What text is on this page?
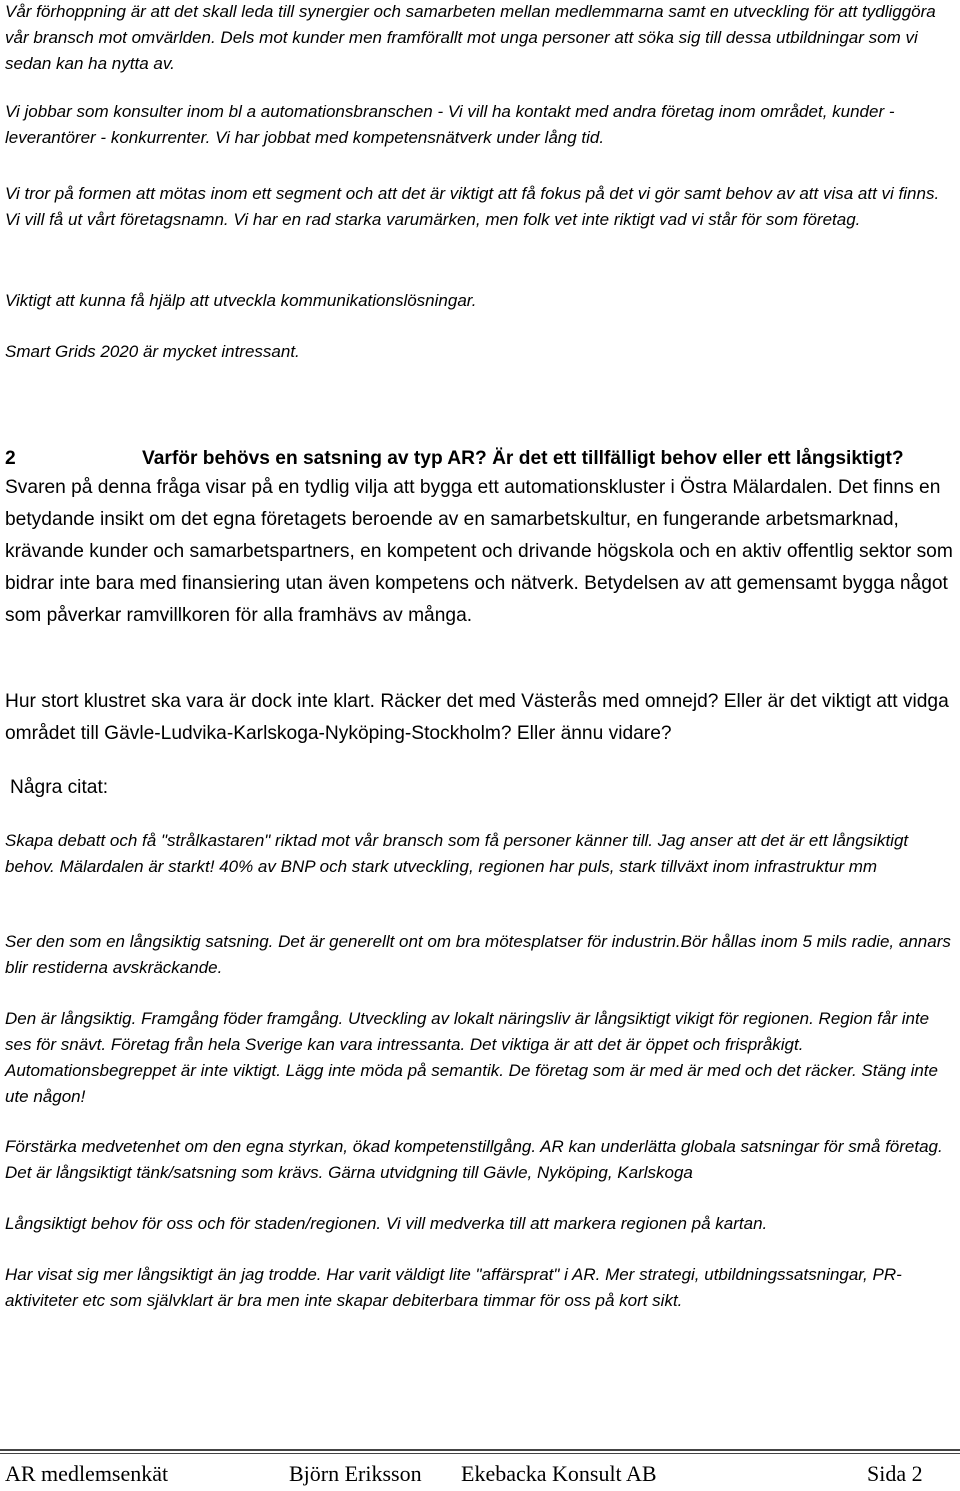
Vår förhoppning är att det skall leda till synergier och samarbeten mellan medlemmarna samt en utveckling för att tydliggöra vår bransch mot omvärlden. Dels mot kunder men framförallt mot unga personer att söka sig till dessa utbildningar som vi sedan kan ha nytta av.

Vi jobbar som konsulter inom bl a automationsbranschen - Vi vill ha kontakt med andra företag inom området, kunder - leverantörer - konkurrenter. Vi har jobbat med kompetensnätverk under lång tid.

Vi tror på formen att mötas inom ett segment och att det är viktigt att få fokus på det vi gör samt behov av att visa att vi finns. Vi vill få ut vårt företagsnamn. Vi har en rad starka varumärken, men folk vet inte riktigt vad vi står för som företag.

Viktigt att kunna få hjälp att utveckla kommunikationslösningar.

Smart Grids 2020 är mycket intressant.

2	Varför behövs en satsning av typ AR? Är det ett tillfälligt behov eller ett långsiktigt?

Svaren på denna fråga visar på en tydlig vilja att bygga ett automationskluster i Östra Mälardalen. Det finns en betydande insikt om det egna företagets beroende av en samarbetskultur, en fungerande arbetsmarknad, krävande kunder och samarbetspartners, en kompetent och drivande högskola och en aktiv offentlig sektor som bidrar inte bara med finansiering utan även kompetens och nätverk. Betydelsen av att gemensamt bygga något som påverkar ramvillkoren för alla framhävs av många.

Hur stort klustret ska vara är dock inte klart. Räcker det med Västerås med omnejd? Eller är det viktigt att vidga området till Gävle-Ludvika-Karlskoga-Nyköping-Stockholm? Eller ännu vidare?

Några citat:

Skapa debatt och få "strålkastaren" riktad mot vår bransch som få personer känner till. Jag anser att det är ett långsiktigt behov. Mälardalen är starkt! 40% av BNP och stark utveckling, regionen har puls, stark tillväxt inom infrastruktur mm

Ser den som en långsiktig satsning. Det är generellt ont om bra mötesplatser för industrin.Bör hållas inom 5 mils radie, annars blir restiderna avskräckande.

Den är långsiktig. Framgång föder framgång. Utveckling av lokalt näringsliv är långsiktigt vikigt för regionen. Region får inte ses för snävt. Företag från hela Sverige kan vara intressanta. Det viktiga är att det är öppet och frispråkigt. Automationsbegreppet är inte viktigt. Lägg inte möda på semantik. De företag som är med är med och det räcker. Stäng inte ute någon!

Förstärka medvetenhet om den egna styrkan, ökad kompetenstillgång. AR kan underlätta globala satsningar för små företag. Det är långsiktigt tänk/satsning som krävs. Gärna utvidgning till Gävle, Nyköping, Karlskoga

Långsiktigt behov för oss och för staden/regionen. Vi vill medverka till att markera regionen på kartan.

Har visat sig mer långsiktigt än jag trodde. Har varit väldigt lite "affärsprat" i AR. Mer strategi, utbildningssatsningar, PR-aktiviteter etc som självklart är bra men inte skapar debiterbara timmar för oss på kort sikt.

AR medlemsenkät	Björn Eriksson Ekebacka Konsult AB	Sida 2
